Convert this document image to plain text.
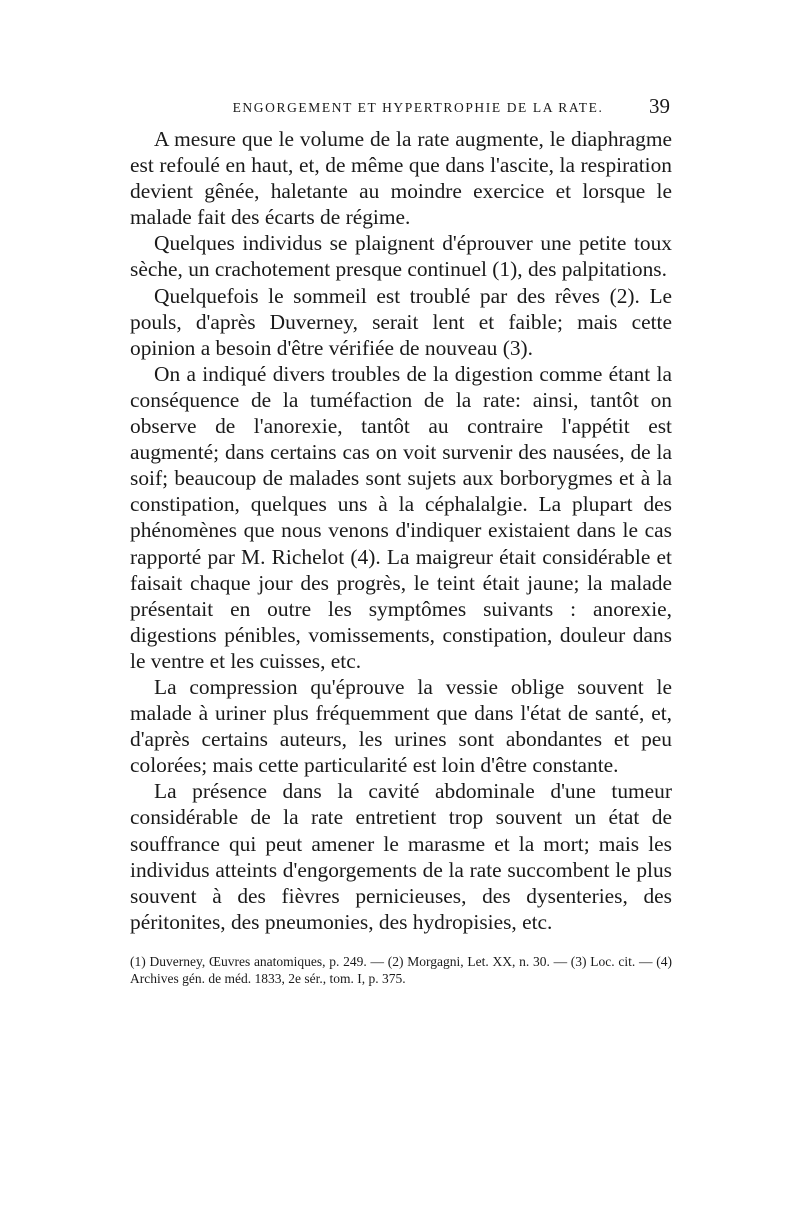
ENGORGEMENT ET HYPERTROPHIE DE LA RATE. 39

A mesure que le volume de la rate augmente, le diaphragme est refoulé en haut, et, de même que dans l'ascite, la respiration devient gênée, haletante au moindre exercice et lorsque le malade fait des écarts de régime.

Quelques individus se plaignent d'éprouver une petite toux sèche, un crachotement presque continuel (1), des palpitations.

Quelquefois le sommeil est troublé par des rêves (2). Le pouls, d'après Duverney, serait lent et faible; mais cette opinion a besoin d'être vérifiée de nouveau (3).

On a indiqué divers troubles de la digestion comme étant la conséquence de la tuméfaction de la rate: ainsi, tantôt on observe de l'anorexie, tantôt au contraire l'appétit est augmenté; dans certains cas on voit survenir des nausées, de la soif; beaucoup de malades sont sujets aux borborygmes et à la constipation, quelques uns à la céphalalgie. La plupart des phénomènes que nous venons d'indiquer existaient dans le cas rapporté par M. Richelot (4). La maigreur était considérable et faisait chaque jour des progrès, le teint était jaune; la malade présentait en outre les symptômes suivants : anorexie, digestions pénibles, vomissements, constipation, douleur dans le ventre et les cuisses, etc.

La compression qu'éprouve la vessie oblige souvent le malade à uriner plus fréquemment que dans l'état de santé, et, d'après certains auteurs, les urines sont abondantes et peu colorées; mais cette particularité est loin d'être constante.

La présence dans la cavité abdominale d'une tumeur considérable de la rate entretient trop souvent un état de souffrance qui peut amener le marasme et la mort; mais les individus atteints d'engorgements de la rate succombent le plus souvent à des fièvres pernicieuses, des dysenteries, des péritonites, des pneumonies, des hydropisies, etc.

(1) Duverney, Œuvres anatomiques, p. 249. — (2) Morgagni, Let. XX, n. 30. — (3) Loc. cit. — (4) Archives gén. de méd. 1833, 2e sér., tom. I, p. 375.
